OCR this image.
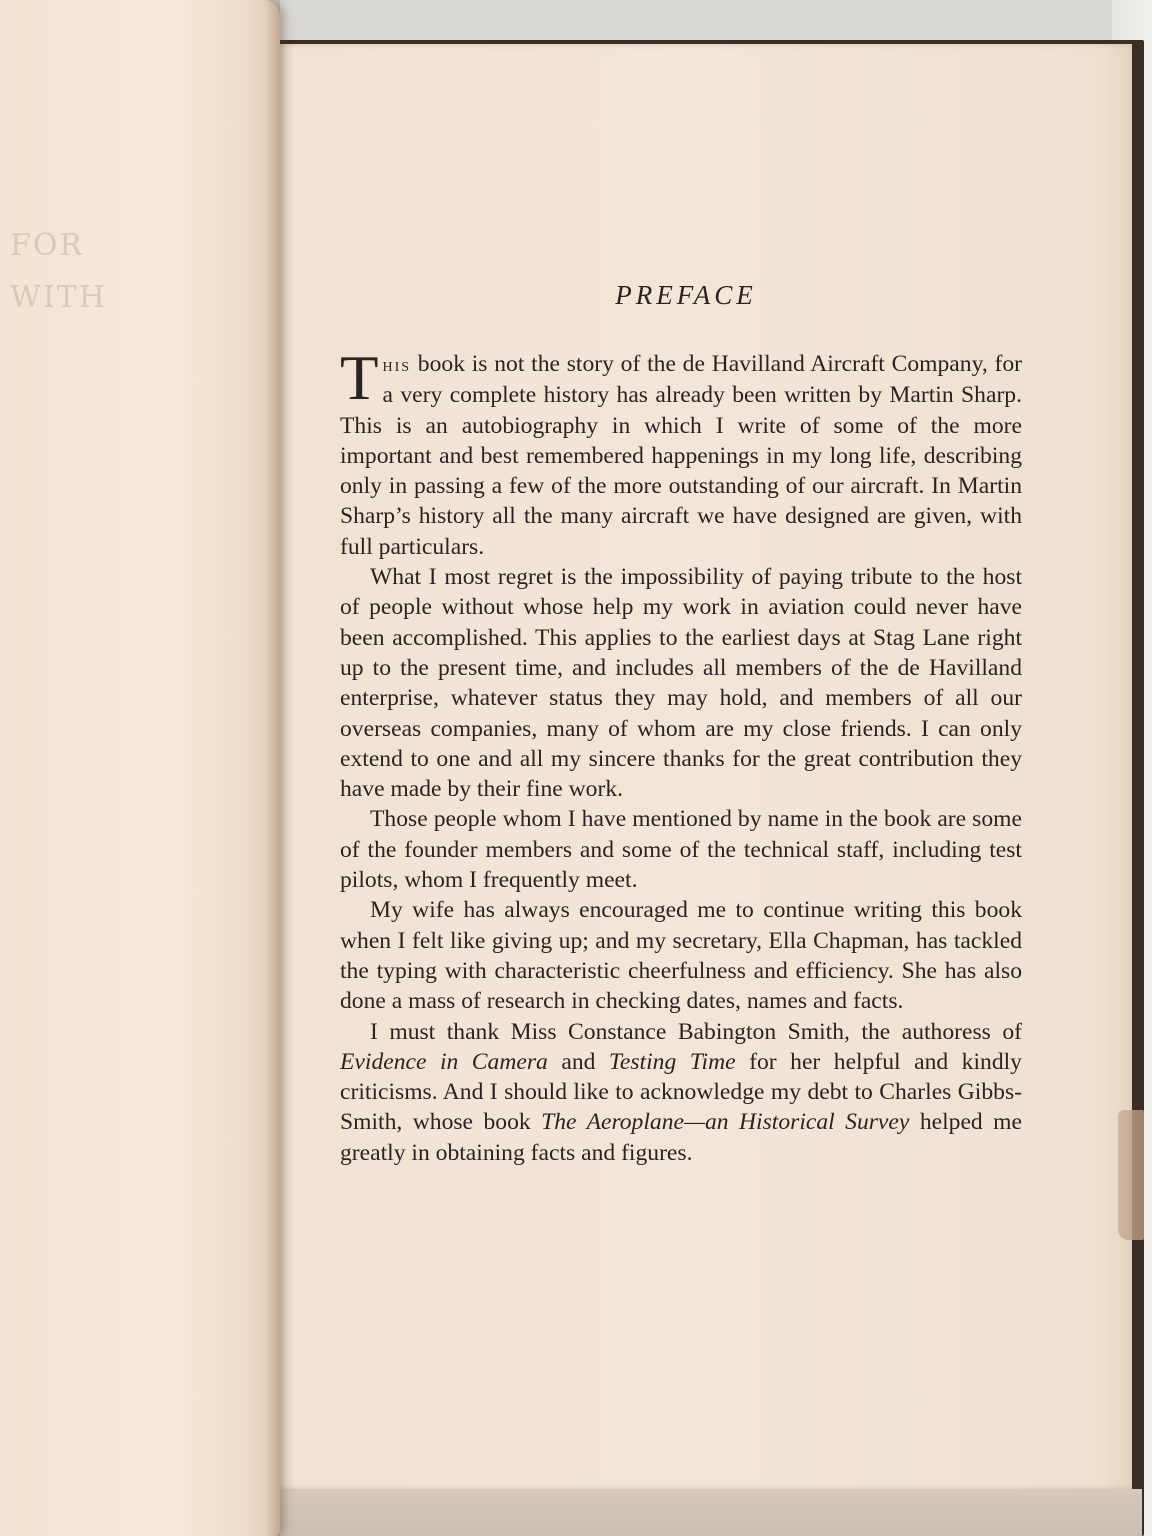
FOR
WITH	PREFACE

This book is not the story of the de Havilland Aircraft Company, for a very complete history has already been written by Martin Sharp. This is an autobiography in which I write of some of the more important and best remembered happenings in my long life, describing only in passing a few of the more outstanding of our aircraft. In Martin Sharp’s history all the many aircraft we have designed are given, with full particulars.

What I most regret is the impossibility of paying tribute to the host of people without whose help my work in aviation could never have been accomplished. This applies to the earliest days at Stag Lane right up to the present time, and includes all members of the de Havilland enterprise, whatever status they may hold, and members of all our overseas companies, many of whom are my close friends. I can only extend to one and all my sincere thanks for the great contribution they have made by their fine work.

Those people whom I have mentioned by name in the book are some of the founder members and some of the technical staff, including test pilots, whom I frequently meet.

My wife has always encouraged me to continue writing this book when I felt like giving up; and my secretary, Ella Chapman, has tackled the typing with characteristic cheerfulness and efficiency. She has also done a mass of research in checking dates, names and facts.

I must thank Miss Constance Babington Smith, the authoress of Evidence in Camera and Testing Time for her helpful and kindly criticisms. And I should like to acknowledge my debt to Charles Gibbs-Smith, whose book The Aeroplane—an Historical Survey helped me greatly in obtaining facts and figures.
